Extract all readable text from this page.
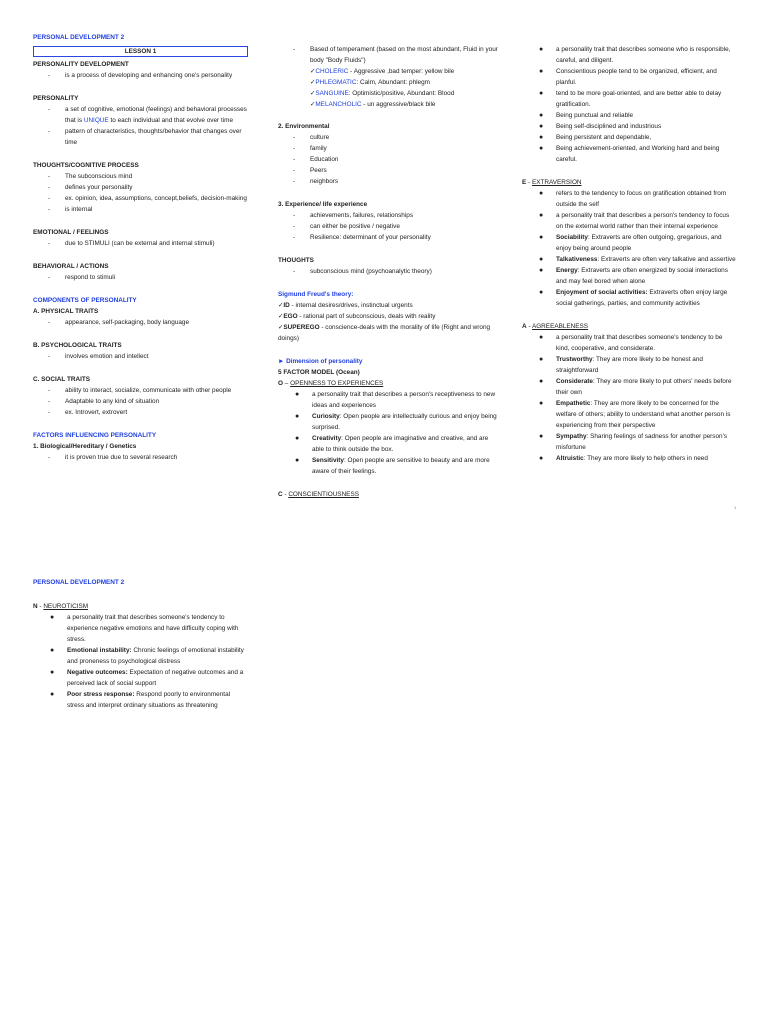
PERSONAL DEVELOPMENT 2
LESSON 1
PERSONALITY DEVELOPMENT
- is a process of developing and enhancing one's personality
PERSONALITY
- a set of cognitive, emotional (feelings) and behavioral processes that is UNIQUE to each individual and that evolve over time
- pattern of characteristics, thoughts/behavior that changes over time
THOUGHTS/COGNITIVE PROCESS
- The subconscious mind
- defines your personality
- ex. opinion, idea, assumptions, concept,beliefs, decision-making
- is internal
EMOTIONAL / FEELINGS
- due to STIMULI (can be external and internal stimuli)
BEHAVIORAL / ACTIONS
- respond to stimuli
COMPONENTS OF PERSONALITY
A. PHYSICAL TRAITS
- appearance, self-packaging, body language
B. PSYCHOLOGICAL TRAITS
- involves emotion and intellect
C. SOCIAL TRAITS
- ability to interact, socialize, communicate with other people
- Adaptable to any kind of situation
- ex. Introvert, extrovert
FACTORS INFLUENCING PERSONALITY
1. Biological/Hereditary / Genetics
- it is proven true due to several research
- Based of temperament (based on the most abundant, Fluid in your body "Body Fluids")
✓CHOLERIC - Aggressive ,bad temper: yellow bile
✓PHLEGMATIC: Calm, Abundant: phlegm
✓SANGUINE: Optimistic/positive, Abundant: Blood
✓MELANCHOLIC - un aggressive/black bile
2. Environmental
- culture
- family
- Education
- Peers
- neighbors
3. Experience/ life experience
- achievements, failures, relationships
- can either be positive / negative
- Resilience: determinant of your personality
THOUGHTS
- subconscious mind (psychoanalytic theory)
Sigmund Freud's theory:
✓ID - internal desires/drives, instinctual urgents
✓EGO - rational part of subconscious, deals with reality
✓SUPEREGO - conscience-deals with the morality of life (Right and wrong doings)
► Dimension of personality
5 FACTOR MODEL (Ocean)
O – OPENNESS TO EXPERIENCES
● a personality trait that describes a person's receptiveness to new ideas and experiences
● Curiosity: Open people are intellectually curious and enjoy being surprised.
● Creativity: Open people are imaginative and creative, and are able to think outside the box.
● Sensitivity: Open people are sensitive to beauty and are more aware of their feelings.
C - CONSCIENTIOUSNESS
● a personality trait that describes someone who is responsible, careful, and diligent.
● Conscientious people tend to be organized, efficient, and planful.
● tend to be more goal-oriented, and are better able to delay gratification.
● Being punctual and reliable
● Being self-disciplined and industrious
● Being persistent and dependable,
● Being achievement-oriented, and Working hard and being careful.
E - EXTRAVERSION
● refers to the tendency to focus on gratification obtained from outside the self
● a personality trait that describes a person's tendency to focus on the external world rather than their internal experience
● Sociability: Extraverts are often outgoing, gregarious, and enjoy being around people
● Talkativeness: Extraverts are often very talkative and assertive
● Energy: Extraverts are often energized by social interactions and may feel bored when alone
● Enjoyment of social activities: Extraverts often enjoy large social gatherings, parties, and community activities
A - AGREEABLENESS
● a personality trait that describes someone's tendency to be kind, cooperative, and considerate.
● Trustworthy: They are more likely to be honest and straightforward
● Considerate: They are more likely to put others' needs before their own
● Empathetic: They are more likely to be concerned for the welfare of others; ability to understand what another person is experiencing from their perspective
● Sympathy: Sharing feelings of sadness for another person's misfortune
● Altruistic: They are more likely to help others in need
1
PERSONAL DEVELOPMENT 2
N - NEUROTICISM
● a personality trait that describes someone's tendency to experience negative emotions and have difficulty coping with stress.
● Emotional instability: Chronic feelings of emotional instability and proneness to psychological distress
● Negative outcomes: Expectation of negative outcomes and a perceived lack of social support
● Poor stress response: Respond poorly to environmental stress and interpret ordinary situations as threatening
